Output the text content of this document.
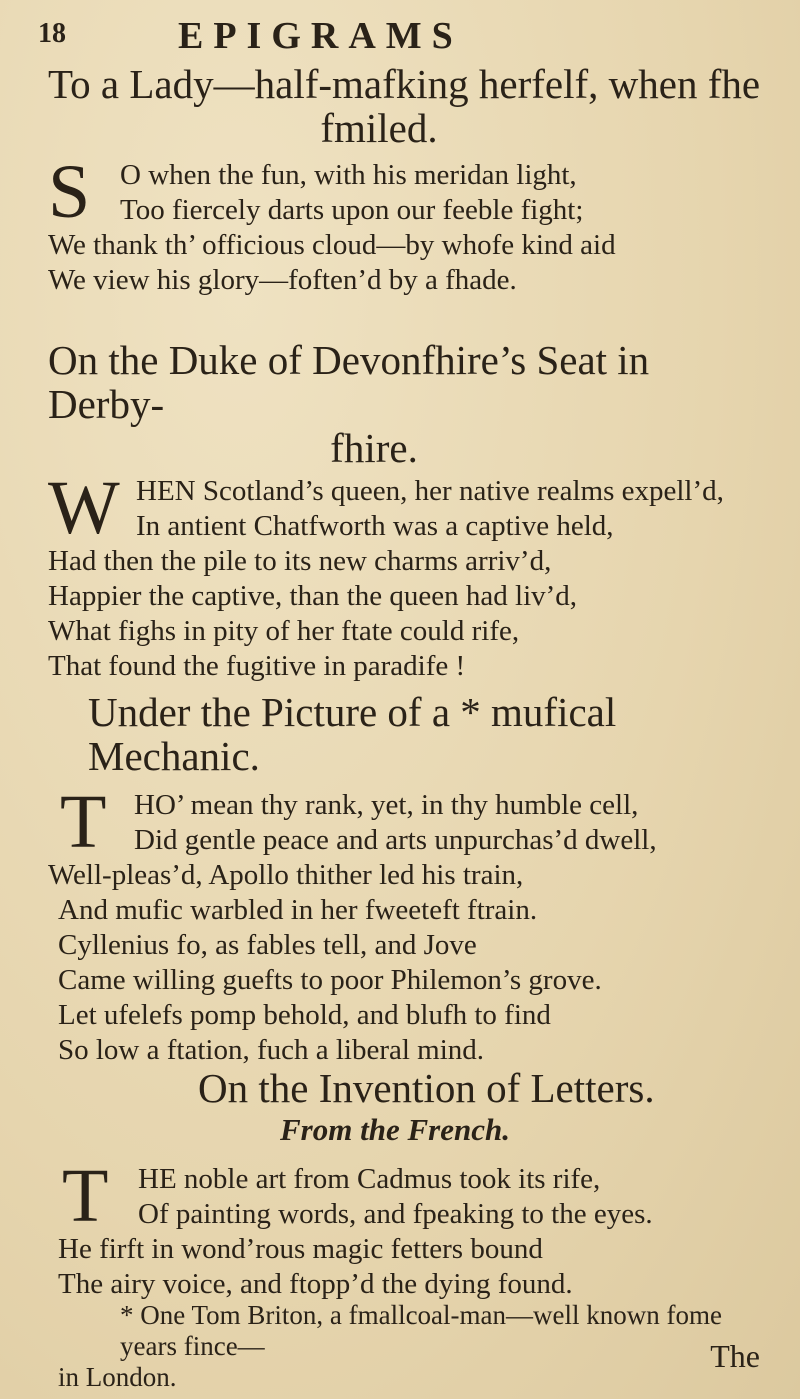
18	EPIGRAMS
To a Lady—half-mafking herfelf, when fhe
fmiled.
S	O when the fun, with his meridan light,
Too fiercely darts upon our feeble fight;
We thank th’ officious cloud—by whofe kind aid
We view his glory—foften’d by a fhade.
On the Duke of Devonfhire’s Seat in Derby-
fhire.
W HEN Scotland’s queen, her native realms expell’d,
In antient Chatfworth was a captive held,
Had then the pile to its new charms arriv’d,
Happier the captive, than the queen had liv’d,
What fighs in pity of her ftate could rife,
That found the fugitive in paradife !
Under the Picture of a * mufical Mechanic.
T HO’ mean thy rank, yet, in thy humble cell,
Did gentle peace and arts unpurchas’d dwell,
Well-pleas’d, Apollo thither led his train,
And mufic warbled in her fweeteft ftrain.
Cyllenius fo, as fables tell, and Jove
Came willing guefts to poor Philemon’s grove.
Let ufelefs pomp behold, and blufh to find
So low a ftation, fuch a liberal mind.
On the Invention of Letters.
From the French.
T	HE noble art from Cadmus took its rife,
Of painting words, and fpeaking to the eyes.
He firft in wond’rous magic fetters bound
The airy voice, and ftopp’d the dying found.
* One Tom Briton, a fmallcoal-man—well known fome years fince—
in London.
The
